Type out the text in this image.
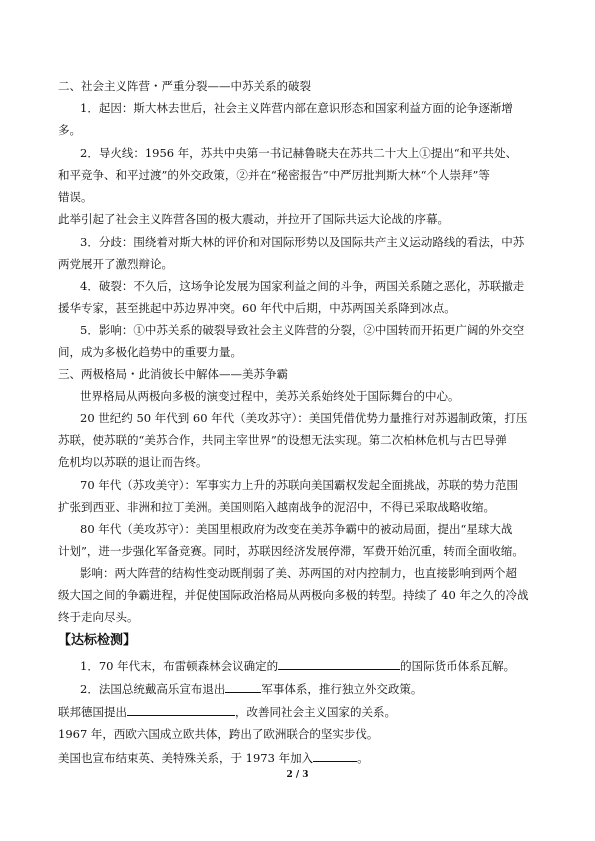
二、社会主义阵营・严重分裂——中苏关系的破裂
1．起因：斯大林去世后，社会主义阵营内部在意识形态和国家利益方面的论争逐渐增
多。
2．导火线：1956 年，苏共中央第一书记赫鲁晓夫在苏共二十大上①提出“和平共处、
和平竞争、和平过渡”的外交政策，②并在“秘密报告”中严厉批判斯大林“个人崇拜”等
错误。
此举引起了社会主义阵营各国的极大震动，并拉开了国际共运大论战的序幕。
3．分歧：围绕着对斯大林的评价和对国际形势以及国际共产主义运动路线的看法，中苏
两党展开了激烈辩论。
4．破裂：不久后，这场争论发展为国家利益之间的斗争，两国关系随之恶化，苏联撤走
援华专家，甚至挑起中苏边界冲突。60 年代中后期，中苏两国关系降到冰点。
5．影响：①中苏关系的破裂导致社会主义阵营的分裂，②中国转而开拓更广阔的外交空
间，成为多极化趋势中的重要力量。
三、两极格局・此消彼长中解体——美苏争霸
世界格局从两极向多极的演变过程中，美苏关系始终处于国际舞台的中心。
20 世纪约 50 年代到 60 年代（美攻苏守）：美国凭借优势力量推行对苏遏制政策，打压
苏联，使苏联的“美苏合作，共同主宰世界”的设想无法实现。第二次柏林危机与古巴导弹
危机均以苏联的退让而告终。
70 年代（苏攻美守）：军事实力上升的苏联向美国霸权发起全面挑战，苏联的势力范围
扩张到西亚、非洲和拉丁美洲。美国则陷入越南战争的泥沼中，不得已采取战略收缩。
80 年代（美攻苏守）：美国里根政府为改变在美苏争霸中的被动局面，提出“星球大战
计划”，进一步强化军备竞赛。同时，苏联因经济发展停滞，军费开始沉重，转而全面收缩。
影响：两大阵营的结构性变动既削弱了美、苏两国的对内控制力，也直接影响到两个超
级大国之间的争霸进程，并促使国际政治格局从两极向多极的转型。持续了 40 年之久的冷战
终于走向尽头。
【达标检测】
1．70 年代末，布雷顿森林会议确定的	的国际货币体系瓦解。
2．法国总统戴高乐宣布退出	军事体系，推行独立外交政策。
联邦德国提出	，改善同社会主义国家的关系。
1967 年，西欧六国成立欧共体，跨出了欧洲联合的坚实步伐。
美国也宣布结束英、美特殊关系，于 1973 年加入	。
2 / 3
